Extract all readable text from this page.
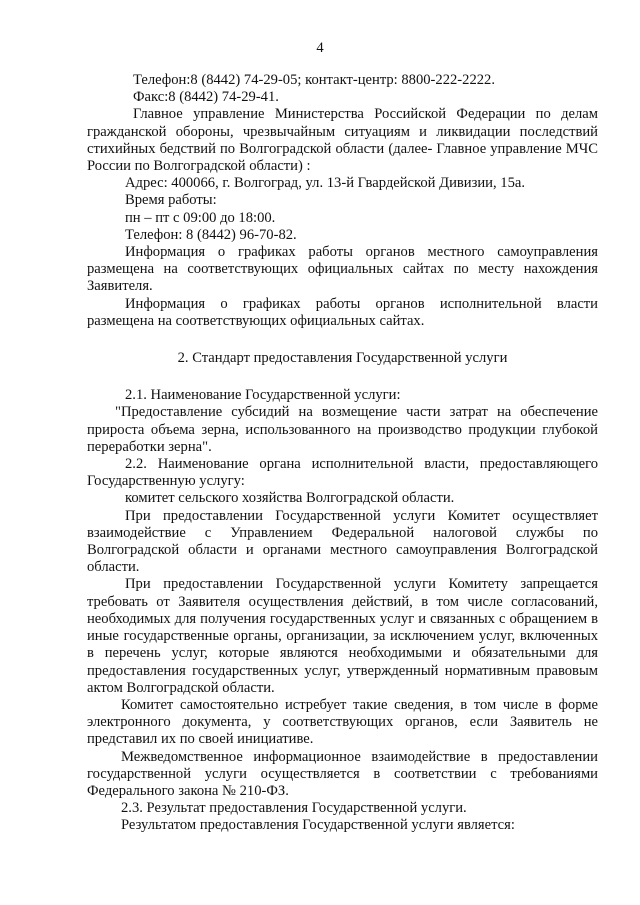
4

Телефон:8 (8442) 74-29-05; контакт-центр: 8800-222-2222.

Факс:8 (8442) 74-29-41.

Главное управление Министерства Российской Федерации по делам гражданской обороны, чрезвычайным ситуациям и ликвидации последствий стихийных бедствий по Волгоградской области (далее- Главное управление МЧС России по Волгоградской области) :

Адрес: 400066, г. Волгоград, ул. 13-й Гвардейской Дивизии, 15а.

Время работы:

пн – пт с 09:00 до 18:00.

Телефон: 8 (8442) 96-70-82.

Информация о графиках работы органов местного самоуправления размещена на соответствующих официальных сайтах по месту нахождения Заявителя.

Информация о графиках работы органов исполнительной власти размещена на соответствующих официальных сайтах.

2. Стандарт предоставления Государственной услуги

2.1. Наименование Государственной услуги:

"Предоставление субсидий на возмещение части затрат на обеспечение прироста объема зерна, использованного на производство продукции глубокой переработки зерна".

2.2. Наименование органа исполнительной власти, предоставляющего Государственную услугу:

комитет сельского хозяйства Волгоградской области.

При предоставлении Государственной услуги Комитет осуществляет взаимодействие с Управлением Федеральной налоговой службы по Волгоградской области и органами местного самоуправления Волгоградской области.

При предоставлении Государственной услуги Комитету запрещается требовать от Заявителя осуществления действий, в том числе согласований, необходимых для получения государственных услуг и связанных с обращением в иные государственные органы, организации, за исключением услуг, включенных в перечень услуг, которые являются необходимыми и обязательными для предоставления государственных услуг, утвержденный нормативным правовым актом Волгоградской области.

Комитет самостоятельно истребует такие сведения, в том числе в форме электронного документа, у соответствующих органов, если Заявитель не представил их по своей инициативе.

Межведомственное информационное взаимодействие в предоставлении государственной услуги осуществляется в соответствии с требованиями Федерального закона № 210-ФЗ.

2.3. Результат предоставления Государственной услуги.

Результатом предоставления Государственной услуги является:
